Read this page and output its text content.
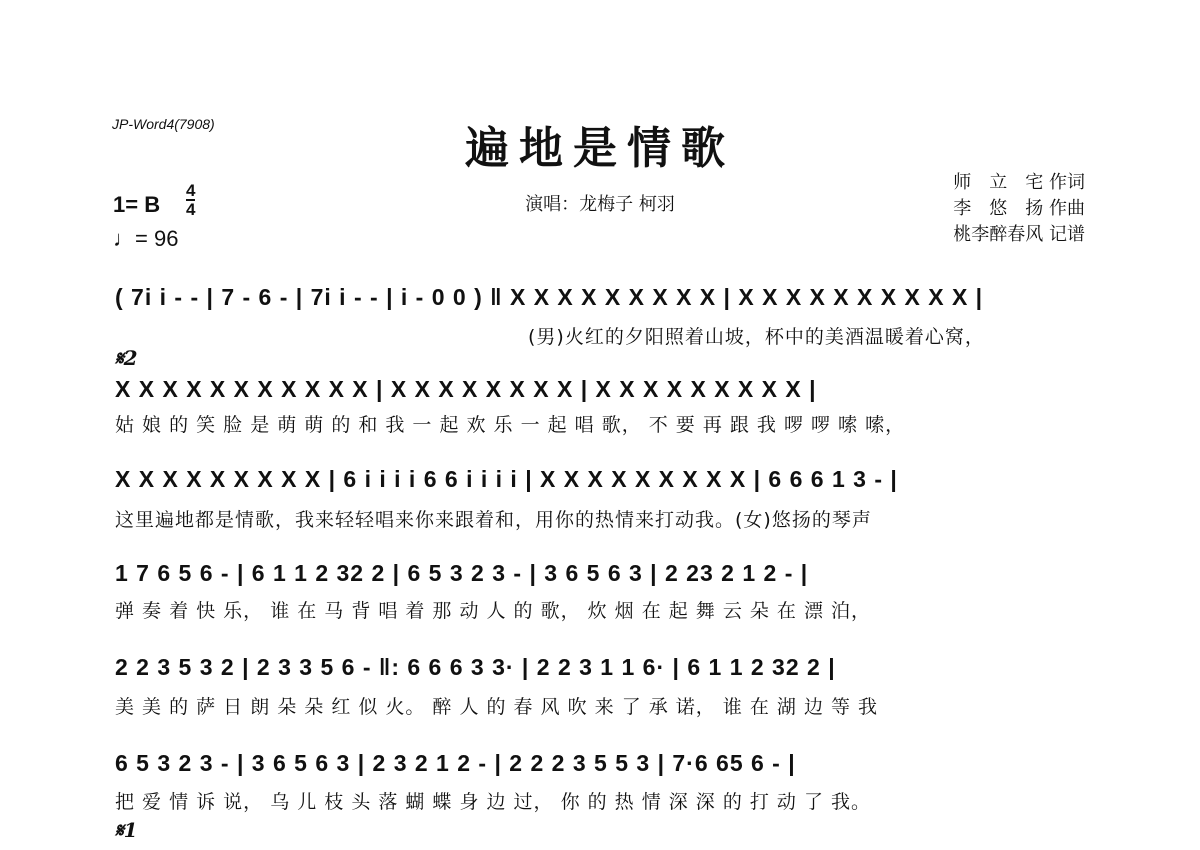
JP-Word4(7908)	遍地是情歌
演唱：龙梅子 柯羽
师　立　宅 作词
李　悠　扬 作曲
桃李醉春风 记谱
1= B
4
4
♩= 96
( 7i i - - | 7 - 6 - | 7i i - - | i - 0 0 ) ‖ X X X X X X X X X | X X X X X X X X X X |
(男)火红的夕阳照着山坡，杯中的美酒温暖着心窝，
𝄋2
X X X X X X X X X X X | X X X X X X X X | X X X X X X X X X |
姑 娘 的 笑 脸 是 萌 萌 的 和 我 一 起 欢 乐 一 起 唱 歌， 不 要 再 跟 我 啰 啰 嗦 嗦，
X X X X X X X X X | 6 i i i i 6 6 i i i i | X X X X X X X X X | 6 6 6 1 3 - |
这里遍地都是情歌，我来轻轻唱来你来跟着和，用你的热情来打动我。(女)悠扬的琴声
1 7 6 5 6 - | 6 1 1 2 32 2 | 6 5 3 2 3 - | 3 6 5 6 3 | 2 23 2 1 2 - |
弹 奏 着 快 乐， 谁 在 马 背 唱 着 那 动 人 的 歌， 炊 烟 在 起 舞 云 朵 在 漂 泊，
2 2 3 5 3 2 | 2 3 3 5 6 - ‖: 6 6 6 3 3· | 2 2 3 1 1 6· | 6 1 1 2 32 2 |
美 美 的 萨 日 朗 朵 朵 红 似 火。 醉 人 的 春 风 吹 来 了 承 诺， 谁 在 湖 边 等 我
6 5 3 2 3 - | 3 6 5 6 3 | 2 3 2 1 2 - | 2 2 2 3 5 5 3 | 7·6 65 6 - |
把 爱 情 诉 说， 乌 儿 枝 头 落 蝴 蝶 身 边 过， 你 的 热 情 深 深 的 打 动 了 我。
𝄋1
